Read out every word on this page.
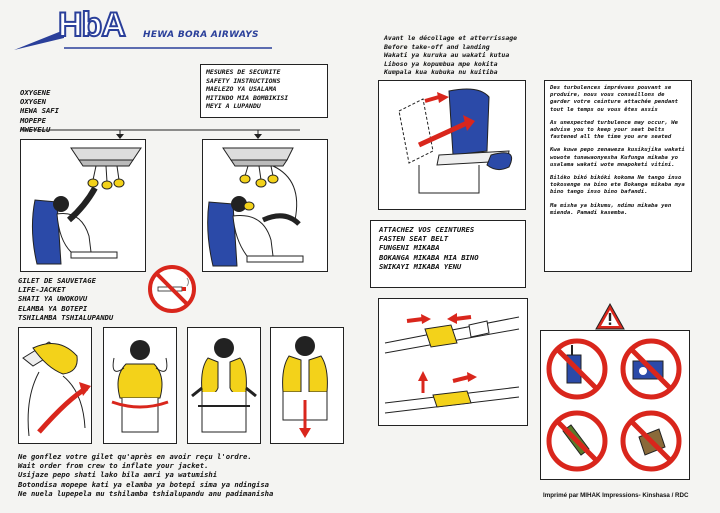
HbA HEWA BORA AIRWAYS
OXYGENE
OXYGEN
HEWA SAFI
MOPEPE
MWEYELU
MESURES DE SECURITE
SAFETY INSTRUCTIONS
MAELEZO YA USALAMA
MITINDO MIA BOMBIKISI
MEYI A LUPANDU
GILET DE SAUVETAGE
LIFE-JACKET
SHATI YA UWOKOVU
ELAMBA YA BOTEPI
TSHILAMBA TSHIALUPANDU
Ne gonflez votre gilet qu'après en avoir reçu l'ordre.
Wait order from crew to inflate your jacket.
Usijaze pepo shati lako bila amri ya watumishi
Botondisa mopepe kati ya elamba ya botepi sima ya ndingisa
Ne nuela lupepela mu tshilamba tshialupandu anu padimanisha
Avant le décollage et atterrissage
Before take-off and landing
Wakati ya kuruka au wakati kutua
Liboso ya kopumbua mpe kokita
Kumpala kua kubuka nu kuitiba
Des turbulences imprévues pouvant se produire, nous vous conseillons de garder votre ceinture attachée pendant tout le temps ou vous êtes assis
As unexpected turbulence may occur, We advise you to keep your seat belts fastened all the time you are seated
Kwa kuwa pepo zenaweza kusikujika wakati wowote tunawaonyesha Kufunga mikaba yo usalama wakati wote mnapoketi vitini.
Bilóko bikó bikóki kokoma Ne tango inso tokosenge na bino ete Bokanga mikaba mya bino tango inso bino bafandi.
Ma misha ya bikumu, ndimu mikaba yen mienda. Pamadi kasemba.
ATTACHEZ VOS CEINTURES
FASTEN SEAT BELT
FUNGENI MIKABA
BOKANGA MIKABA MIA BINO
SWIKAYI MIKABA YENU
Imprimé par MIHAK Impressions- Kinshasa / RDC
